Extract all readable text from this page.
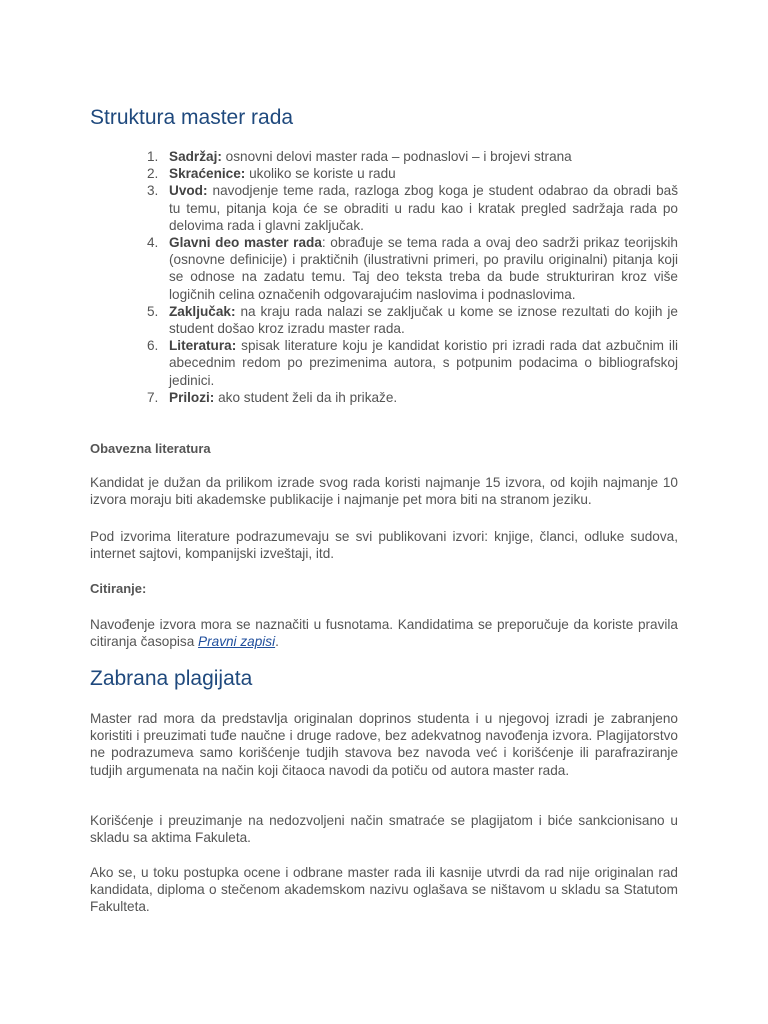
Struktura master rada
1. Sadržaj: osnovni delovi master rada – podnaslovi – i brojevi strana
2. Skraćenice: ukoliko se koriste u radu
3. Uvod: navodjenje teme rada, razloga zbog koga je student odabrao da obradi baš tu temu, pitanja koja će se obraditi u radu kao i kratak pregled sadržaja rada po delovima rada i glavni zaključak.
4. Glavni deo master rada: obrađuje se tema rada a ovaj deo sadrži prikaz teorijskih (osnovne definicije) i praktičnih (ilustrativni primeri, po pravilu originalni) pitanja koji se odnose na zadatu temu. Taj deo teksta treba da bude strukturiran kroz više logičnih celina označenih odgovarajućim naslovima i podnaslovima.
5. Zaključak: na kraju rada nalazi se zaključak u kome se iznose rezultati do kojih je student došao kroz izradu master rada.
6. Literatura: spisak literature koju je kandidat koristio pri izradi rada dat azbučnim ili abecednim redom po prezimenima autora, s potpunim podacima o bibliografskoj jedinici.
7. Prilozi: ako student želi da ih prikaže.

Obavezna literatura

Kandidat je dužan da prilikom izrade svog rada koristi najmanje 15 izvora, od kojih najmanje 10 izvora moraju biti akademske publikacije i najmanje pet mora biti na stranom jeziku.

Pod izvorima literature podrazumevaju se svi publikovani izvori: knjige, članci, odluke sudova, internet sajtovi, kompanijski izveštaji, itd.

Citiranje:

Navođenje izvora mora se naznačiti u fusnotama. Kandidatima se preporučuje da koriste pravila citiranja časopisa Pravni zapisi.

Zabrana plagijata

Master rad mora da predstavlja originalan doprinos studenta i u njegovoj izradi je zabranjeno koristiti i preuzimati tuđe naučne i druge radove, bez adekvatnog navođenja izvora. Plagijatorstvo ne podrazumeva samo korišćenje tudjih stavova bez navoda već i korišćenje ili parafraziranje tudjih argumenata na način koji čitaoca navodi da potiču od autora master rada.

Korišćenje i preuzimanje na nedozvoljeni način smatraće se plagijatom i biće sankcionisano u skladu sa aktima Fakuleta.

Ako se, u toku postupka ocene i odbrane master rada ili kasnije utvrdi da rad nije originalan rad kandidata, diploma o stečenom akademskom nazivu oglašava se ništavom u skladu sa Statutom Fakulteta.
